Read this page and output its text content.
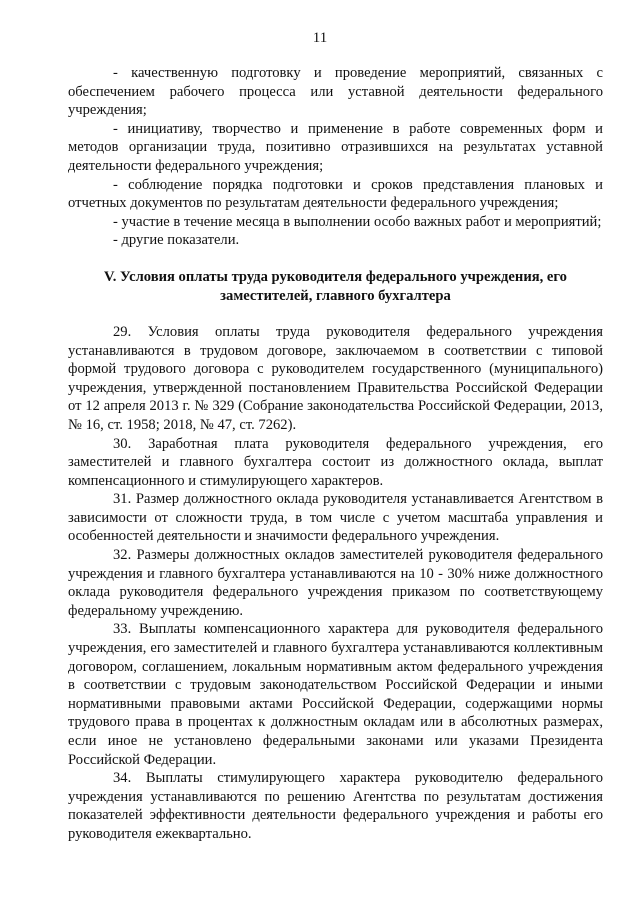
11

- качественную подготовку и проведение мероприятий, связанных с обеспечением рабочего процесса или уставной деятельности федерального учреждения;

- инициативу, творчество и применение в работе современных форм и методов организации труда, позитивно отразившихся на результатах уставной деятельности федерального учреждения;

- соблюдение порядка подготовки и сроков представления плановых и отчетных документов по результатам деятельности федерального учреждения;

- участие в течение месяца в выполнении особо важных работ и мероприятий;

- другие показатели.

V. Условия оплаты труда руководителя федерального учреждения, его заместителей, главного бухгалтера

29. Условия оплаты труда руководителя федерального учреждения устанавливаются в трудовом договоре, заключаемом в соответствии с типовой формой трудового договора с руководителем государственного (муниципального) учреждения, утвержденной постановлением Правительства Российской Федерации от 12 апреля 2013 г. № 329 (Собрание законодательства Российской Федерации, 2013, № 16, ст. 1958; 2018, № 47, ст. 7262).

30. Заработная плата руководителя федерального учреждения, его заместителей и главного бухгалтера состоит из должностного оклада, выплат компенсационного и стимулирующего характеров.

31. Размер должностного оклада руководителя устанавливается Агентством в зависимости от сложности труда, в том числе с учетом масштаба управления и особенностей деятельности и значимости федерального учреждения.

32. Размеры должностных окладов заместителей руководителя федерального учреждения и главного бухгалтера устанавливаются на 10 - 30% ниже должностного оклада руководителя федерального учреждения приказом по соответствующему федеральному учреждению.

33. Выплаты компенсационного характера для руководителя федерального учреждения, его заместителей и главного бухгалтера устанавливаются коллективным договором, соглашением, локальным нормативным актом федерального учреждения в соответствии с трудовым законодательством Российской Федерации и иными нормативными правовыми актами Российской Федерации, содержащими нормы трудового права в процентах к должностным окладам или в абсолютных размерах, если иное не установлено федеральными законами или указами Президента Российской Федерации.

34. Выплаты стимулирующего характера руководителю федерального учреждения устанавливаются по решению Агентства по результатам достижения показателей эффективности деятельности федерального учреждения и работы его руководителя ежеквартально.
